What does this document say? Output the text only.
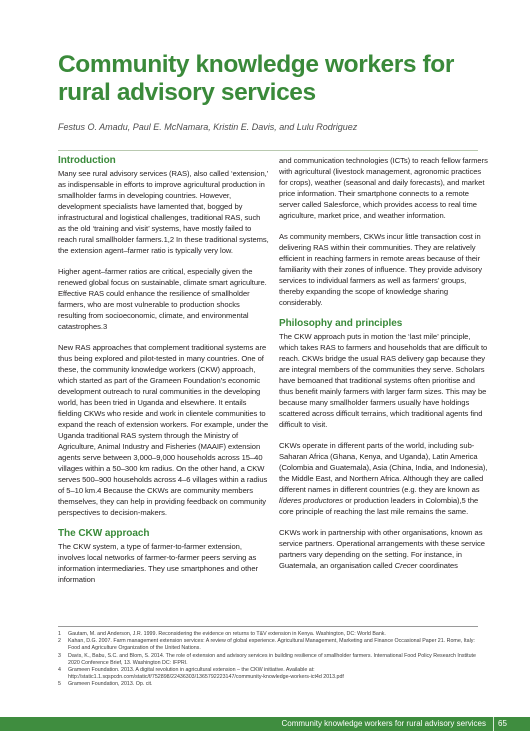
Community knowledge workers for rural advisory services
Festus O. Amadu, Paul E. McNamara, Kristin E. Davis, and Lulu Rodriguez
Introduction

Many see rural advisory services (RAS), also called ‘extension,’ as indispensable in efforts to improve agricultural production in smallholder farms in developing countries. However, development specialists have lamented that, bogged by infrastructural and logistical challenges, traditional RAS, such as the old ‘training and visit’ systems, have mostly failed to reach rural smallholder farmers.1,2 In these traditional systems, the extension agent–farmer ratio is typically very low.

Higher agent–farmer ratios are critical, especially given the renewed global focus on sustainable, climate smart agriculture. Effective RAS could enhance the resilience of smallholder farmers, who are most vulnerable to production shocks resulting from socioeconomic, climate, and environmental catastrophes.3

New RAS approaches that complement traditional systems are thus being explored and pilot-tested in many countries. One of these, the community knowledge workers (CKW) approach, which started as part of the Grameen Foundation’s economic development outreach to rural communities in the developing world, has been tried in Uganda and elsewhere. It entails fielding CKWs who reside and work in clientele communities to expand the reach of extension workers. For example, under the Uganda traditional RAS system through the Ministry of Agriculture, Animal Industry and Fisheries (MAAIF) extension agents serve between 3,000–9,000 households across 15–40 villages within a 50–300 km radius. On the other hand, a CKW serves 500–900 households across 4–6 villages within a radius of 5–10 km.4 Because the CKWs are community members themselves, they can help in providing feedback on community perspectives to decision-makers.

The CKW approach

The CKW system, a type of farmer-to-farmer extension, involves local networks of farmer-to-farmer peers serving as information intermediaries. They use smartphones and other information

and communication technologies (ICTs) to reach fellow farmers with agricultural (livestock management, agronomic practices for crops), weather (seasonal and daily forecasts), and market price information. Their smartphone connects to a remote server called Salesforce, which provides access to real time agriculture, market price, and weather information.

As community members, CKWs incur little transaction cost in delivering RAS within their communities. They are relatively efficient in reaching farmers in remote areas because of their familiarity with their zones of influence. They provide advisory services to individual farmers as well as farmers’ groups, thereby expanding the scope of knowledge sharing considerably.

Philosophy and principles

The CKW approach puts in motion the ‘last mile’ principle, which takes RAS to farmers and households that are difficult to reach. CKWs bridge the usual RAS delivery gap because they are integral members of the communities they serve. Scholars have bemoaned that traditional systems often prioritise and thus benefit mainly farmers with larger farm sizes. This may be because many smallholder farmers usually have holdings scattered across difficult terrains, which traditional agents find difficult to visit.

CKWs operate in different parts of the world, including sub-Saharan Africa (Ghana, Kenya, and Uganda), Latin America (Colombia and Guatemala), Asia (China, India, and Indonesia), the Middle East, and Northern Africa. Although they are called different names in different countries (e.g. they are known as líderes productores or production leaders in Colombia),5 the core principle of reaching the last mile remains the same.

CKWs work in partnership with other organisations, known as service partners. Operational arrangements with these service partners vary depending on the setting. For instance, in Guatemala, an organisation called Crecer coordinates

1	Gautam, M. and Anderson, J.R. 1999. Reconsidering the evidence on returns to T&V extension in Kenya. Washington, DC: World Bank.
2	Kahan, D.G. 2007. Farm management extension services: A review of global experience. Agricultural Management, Marketing and Finance Occasional Paper 21. Rome, Italy: Food and Agriculture Organization of the United Nations.
3	Davis, K., Babu, S.C. and Blom, S. 2014. The role of extension and advisory services in building resilience of smallholder farmers. International Food Policy Research Institute 2020 Conference Brief, 13. Washington DC: IFPRI.
4	Grameen Foundation. 2013. A digital revolution in agricultural extension – the CKW initiative. Available at: http://static1.1.sqspcdn.com/static/f/752898/22436303/1365792223147/community-knowledge-workers-ict4d 2013.pdf
5	Grameen Foundation, 2013. Op. cit.
Community knowledge workers for rural advisory services 65
